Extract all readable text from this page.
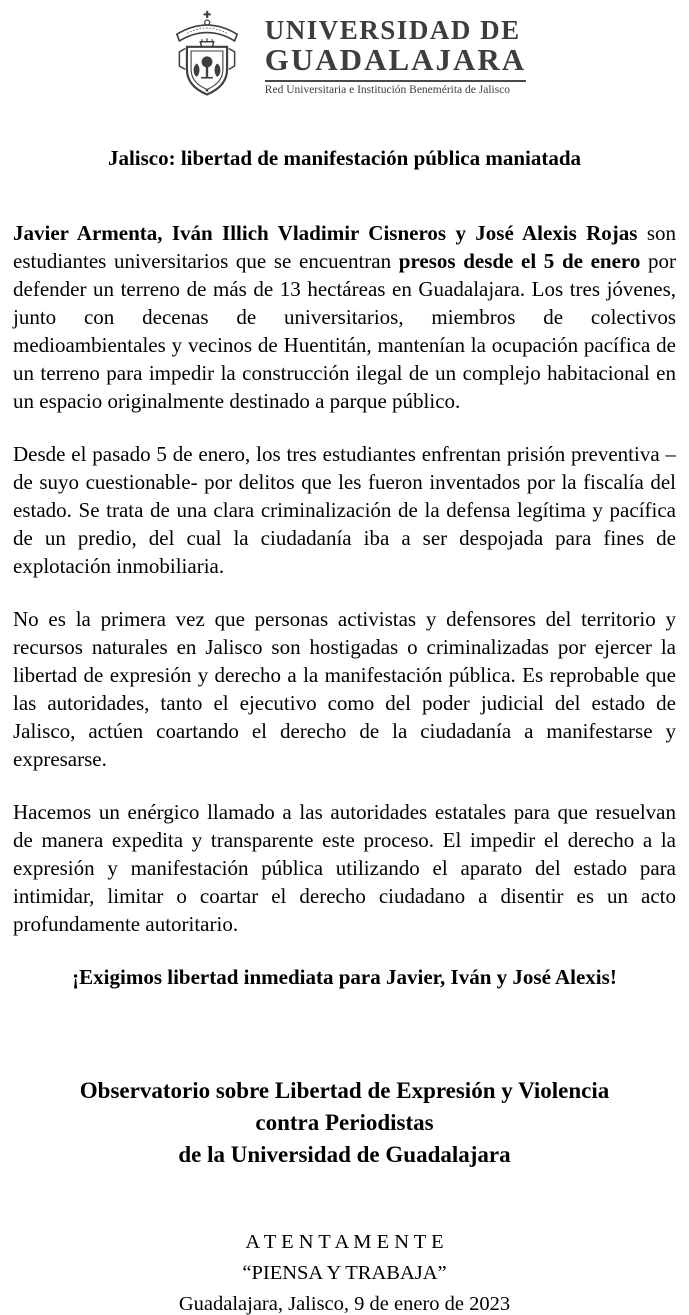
UNIVERSIDAD DE
GUADALAJARA
Red Universitaria e Institución Benemérita de Jalisco
Jalisco: libertad de manifestación pública maniatada

Javier Armenta, Iván Illich Vladimir Cisneros y José Alexis Rojas son estudiantes universitarios que se encuentran presos desde el 5 de enero por defender un terreno de más de 13 hectáreas en Guadalajara. Los tres jóvenes, junto con decenas de universitarios, miembros de colectivos medioambientales y vecinos de Huentitán, mantenían la ocupación pacífica de un terreno para impedir la construcción ilegal de un complejo habitacional en un espacio originalmente destinado a parque público.

Desde el pasado 5 de enero, los tres estudiantes enfrentan prisión preventiva –de suyo cuestionable- por delitos que les fueron inventados por la fiscalía del estado. Se trata de una clara criminalización de la defensa legítima y pacífica de un predio, del cual la ciudadanía iba a ser despojada para fines de explotación inmobiliaria.

No es la primera vez que personas activistas y defensores del territorio y recursos naturales en Jalisco son hostigadas o criminalizadas por ejercer la libertad de expresión y derecho a la manifestación pública. Es reprobable que las autoridades, tanto el ejecutivo como del poder judicial del estado de Jalisco, actúen coartando el derecho de la ciudadanía a manifestarse y expresarse.

Hacemos un enérgico llamado a las autoridades estatales para que resuelvan de manera expedita y transparente este proceso. El impedir el derecho a la expresión y manifestación pública utilizando el aparato del estado para intimidar, limitar o coartar el derecho ciudadano a disentir es un acto profundamente autoritario.

¡Exigimos libertad inmediata para Javier, Iván y José Alexis!

Observatorio sobre Libertad de Expresión y Violencia
contra Periodistas
de la Universidad de Guadalajara
A T E N T A M E N T E
“PIENSA Y TRABAJA”
Guadalajara, Jalisco, 9 de enero de 2023
